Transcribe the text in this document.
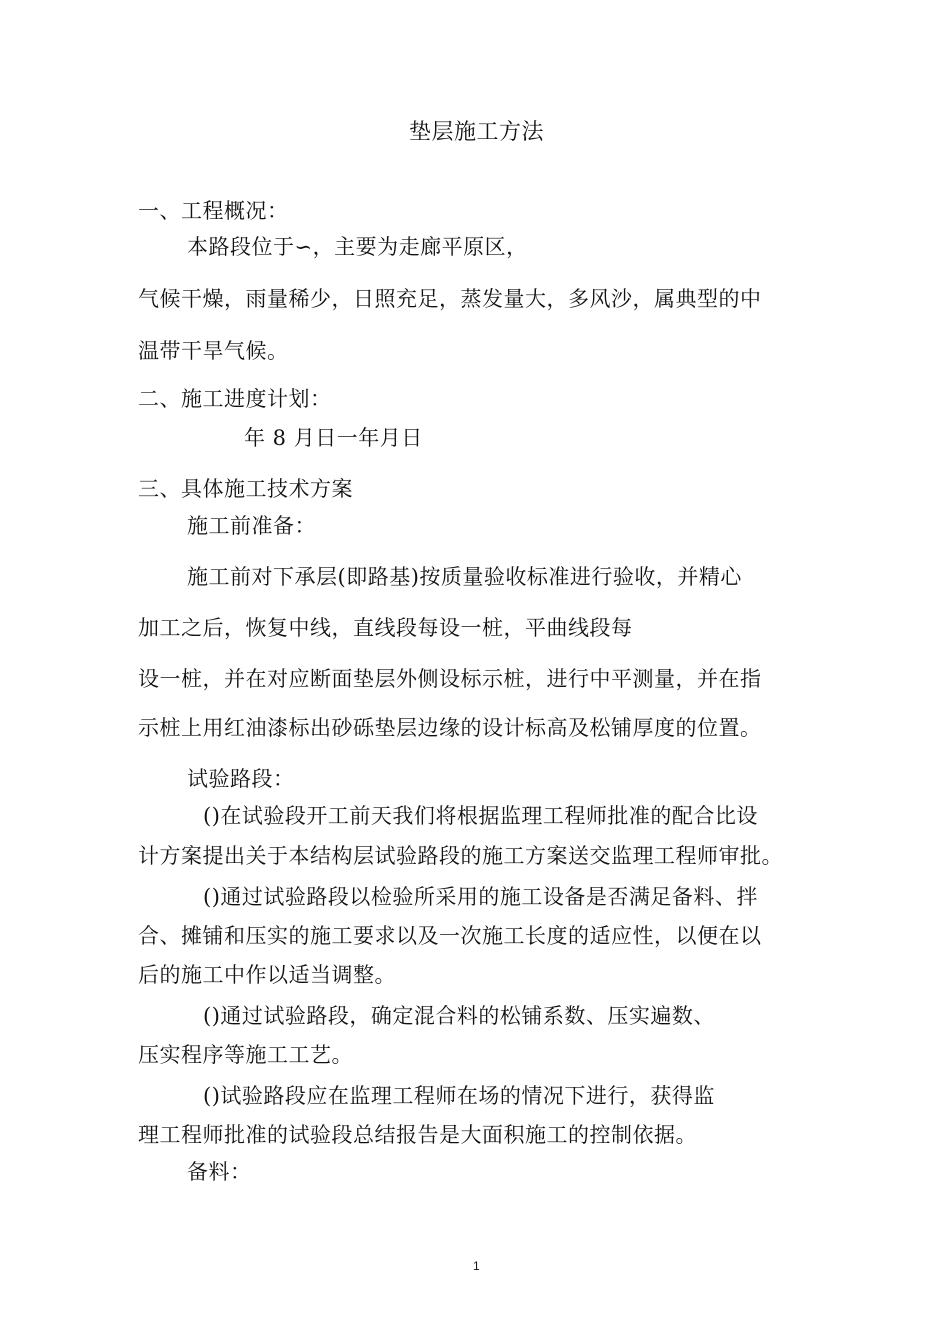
垫层施工方法
一、工程概况：
本路段位于∽，主要为走廊平原区，
气候干燥，雨量稀少，日照充足，蒸发量大，多风沙，属典型的中
温带干旱气候。
二、施工进度计划：
年 8 月日一年月日
三、具体施工技术方案
施工前准备：
施工前对下承层(即路基)按质量验收标准进行验收，并精心
加工之后，恢复中线，直线段每设一桩，平曲线段每
设一桩，并在对应断面垫层外侧设标示桩，进行中平测量，并在指
示桩上用红油漆标出砂砾垫层边缘的设计标高及松铺厚度的位置。
试验路段：
()在试验段开工前天我们将根据监理工程师批准的配合比设
计方案提出关于本结构层试验路段的施工方案送交监理工程师审批。
()通过试验路段以检验所采用的施工设备是否满足备料、拌
合、摊铺和压实的施工要求以及一次施工长度的适应性，以便在以
后的施工中作以适当调整。
()通过试验路段，确定混合料的松铺系数、压实遍数、
压实程序等施工工艺。
()试验路段应在监理工程师在场的情况下进行，获得监
理工程师批准的试验段总结报告是大面积施工的控制依据。
备料：
1
